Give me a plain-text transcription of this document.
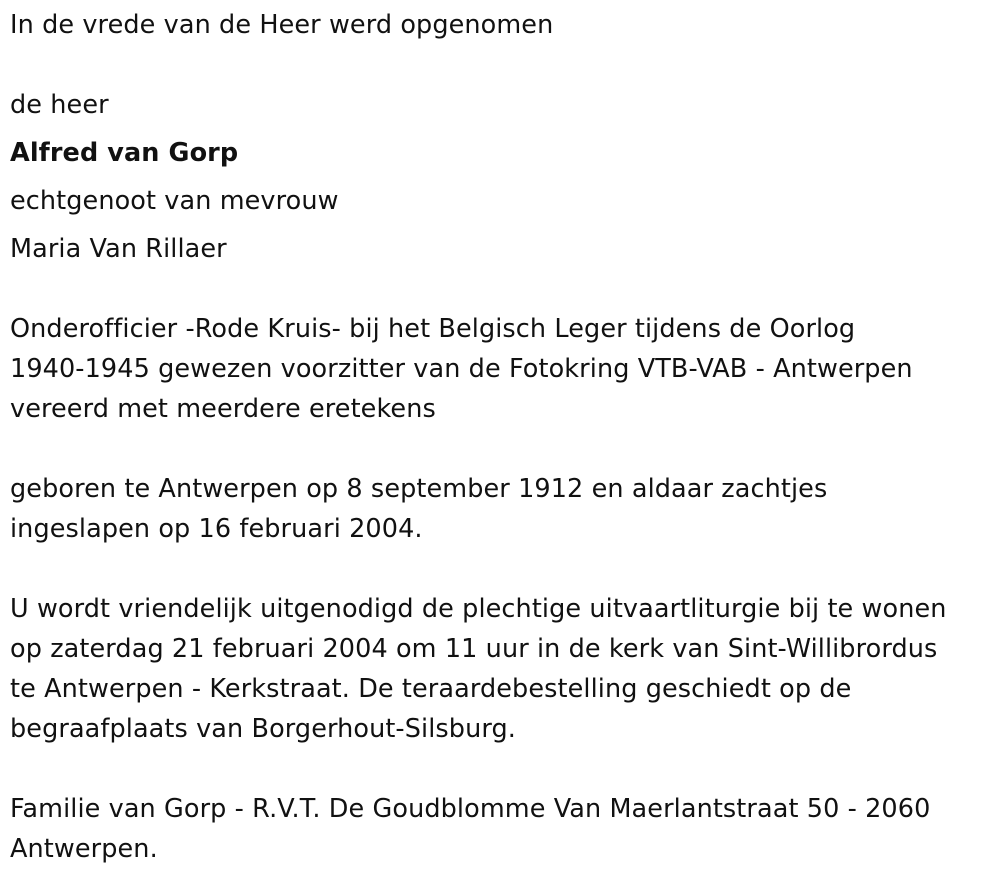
In de vrede van de Heer werd opgenomen
de heer
Alfred van Gorp
echtgenoot van mevrouw
Maria Van Rillaer
Onderofficier -Rode Kruis- bij het Belgisch Leger tijdens de Oorlog
1940-1945 gewezen voorzitter van de Fotokring VTB-VAB - Antwerpen
vereerd met meerdere eretekens
geboren te Antwerpen op 8 september 1912 en aldaar zachtjes
ingeslapen op 16 februari 2004.
U wordt vriendelijk uitgenodigd de plechtige uitvaartliturgie bij te wonen
op zaterdag 21 februari 2004 om 11 uur in de kerk van Sint-Willibrordus
te Antwerpen - Kerkstraat. De teraardebestelling geschiedt op de
begraafplaats van Borgerhout-Silsburg.
Familie van Gorp - R.V.T. De Goudblomme Van Maerlantstraat 50 - 2060
Antwerpen.
